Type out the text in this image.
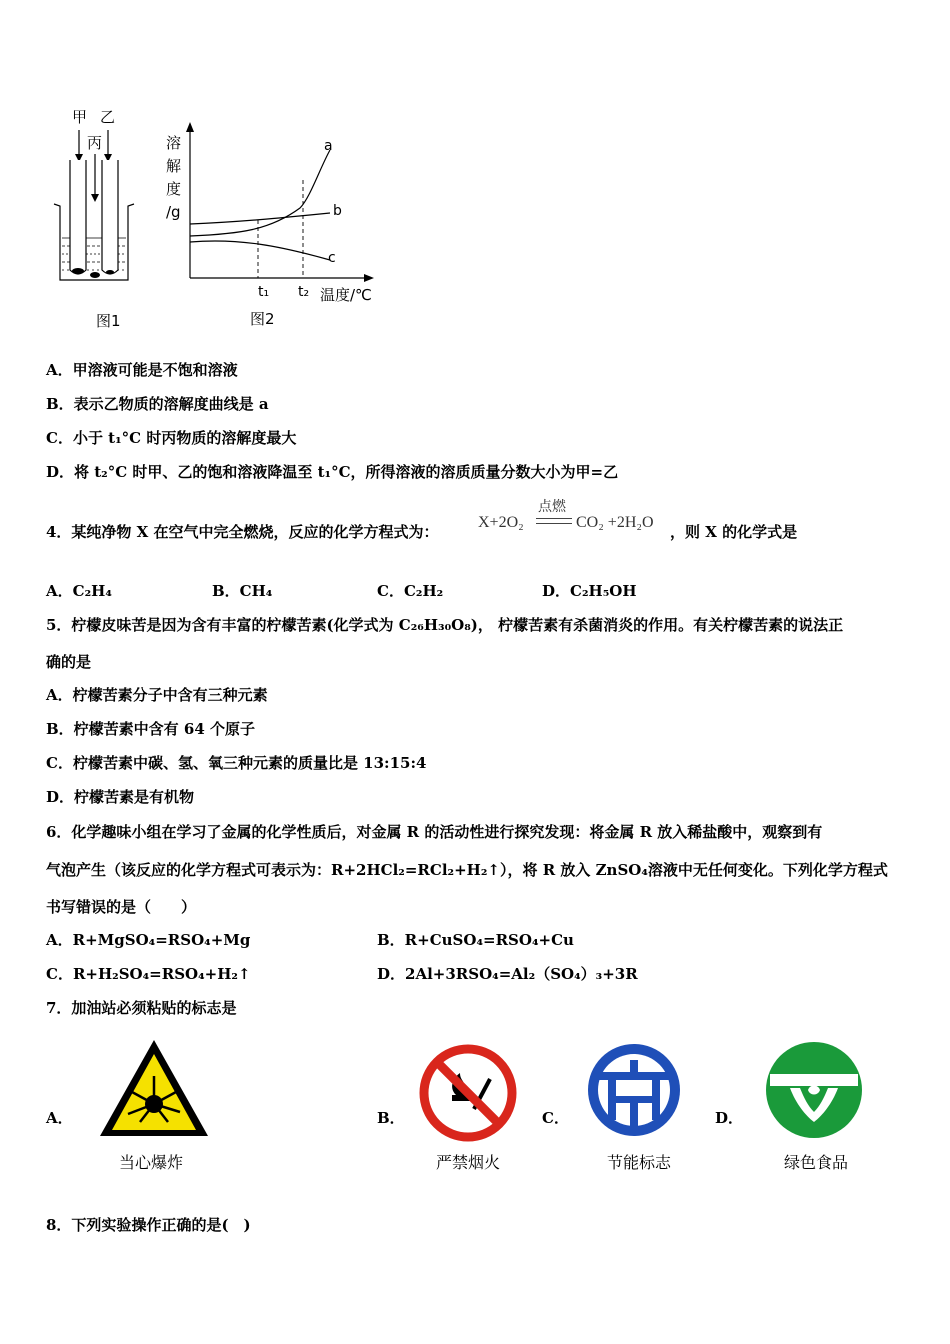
甲 乙
丙
图1
溶
解
度
/g
a
b
c
t₁ t₂ 温度/℃
图2
A．甲溶液可能是不饱和溶液
B．表示乙物质的溶解度曲线是 a
C．小于 t₁°C 时丙物质的溶解度最大
D．将 t₂°C 时甲、乙的饱和溶液降温至 t₁°C，所得溶液的溶质质量分数大小为甲=乙
4．某纯净物 X 在空气中完全燃烧，反应的化学方程式为：
X+2O₂
点燃
CO₂ +2H₂O
，则 X 的化学式是
A．C₂H₄	B．CH₄	C．C₂H₂	D．C₂H₅OH
5．柠檬皮味苦是因为含有丰富的柠檬苦素(化学式为 C₂₆H₃₀O₈)， 柠檬苦素有杀菌消炎的作用。有关柠檬苦素的说法正
确的是
A．柠檬苦素分子中含有三种元素
B．柠檬苦素中含有 64 个原子
C．柠檬苦素中碳、氢、氧三种元素的质量比是 13:15:4
D．柠檬苦素是有机物
6．化学趣味小组在学习了金属的化学性质后，对金属 R 的活动性进行探究发现：将金属 R 放入稀盐酸中，观察到有
气泡产生（该反应的化学方程式可表示为：R+2HCl₂=RCl₂+H₂↑），将 R 放入 ZnSO₄溶液中无任何变化。下列化学方程式
书写错误的是（　　）
A．R+MgSO₄=RSO₄+Mg	B．R+CuSO₄=RSO₄+Cu
C．R+H₂SO₄=RSO₄+H₂↑	D．2Al+3RSO₄=Al₂（SO₄）₃+3R
7．加油站必须粘贴的标志是
A．
当心爆炸
B．
严禁烟火
C．
节能标志
D．
绿色食品
8．下列实验操作正确的是(　)
